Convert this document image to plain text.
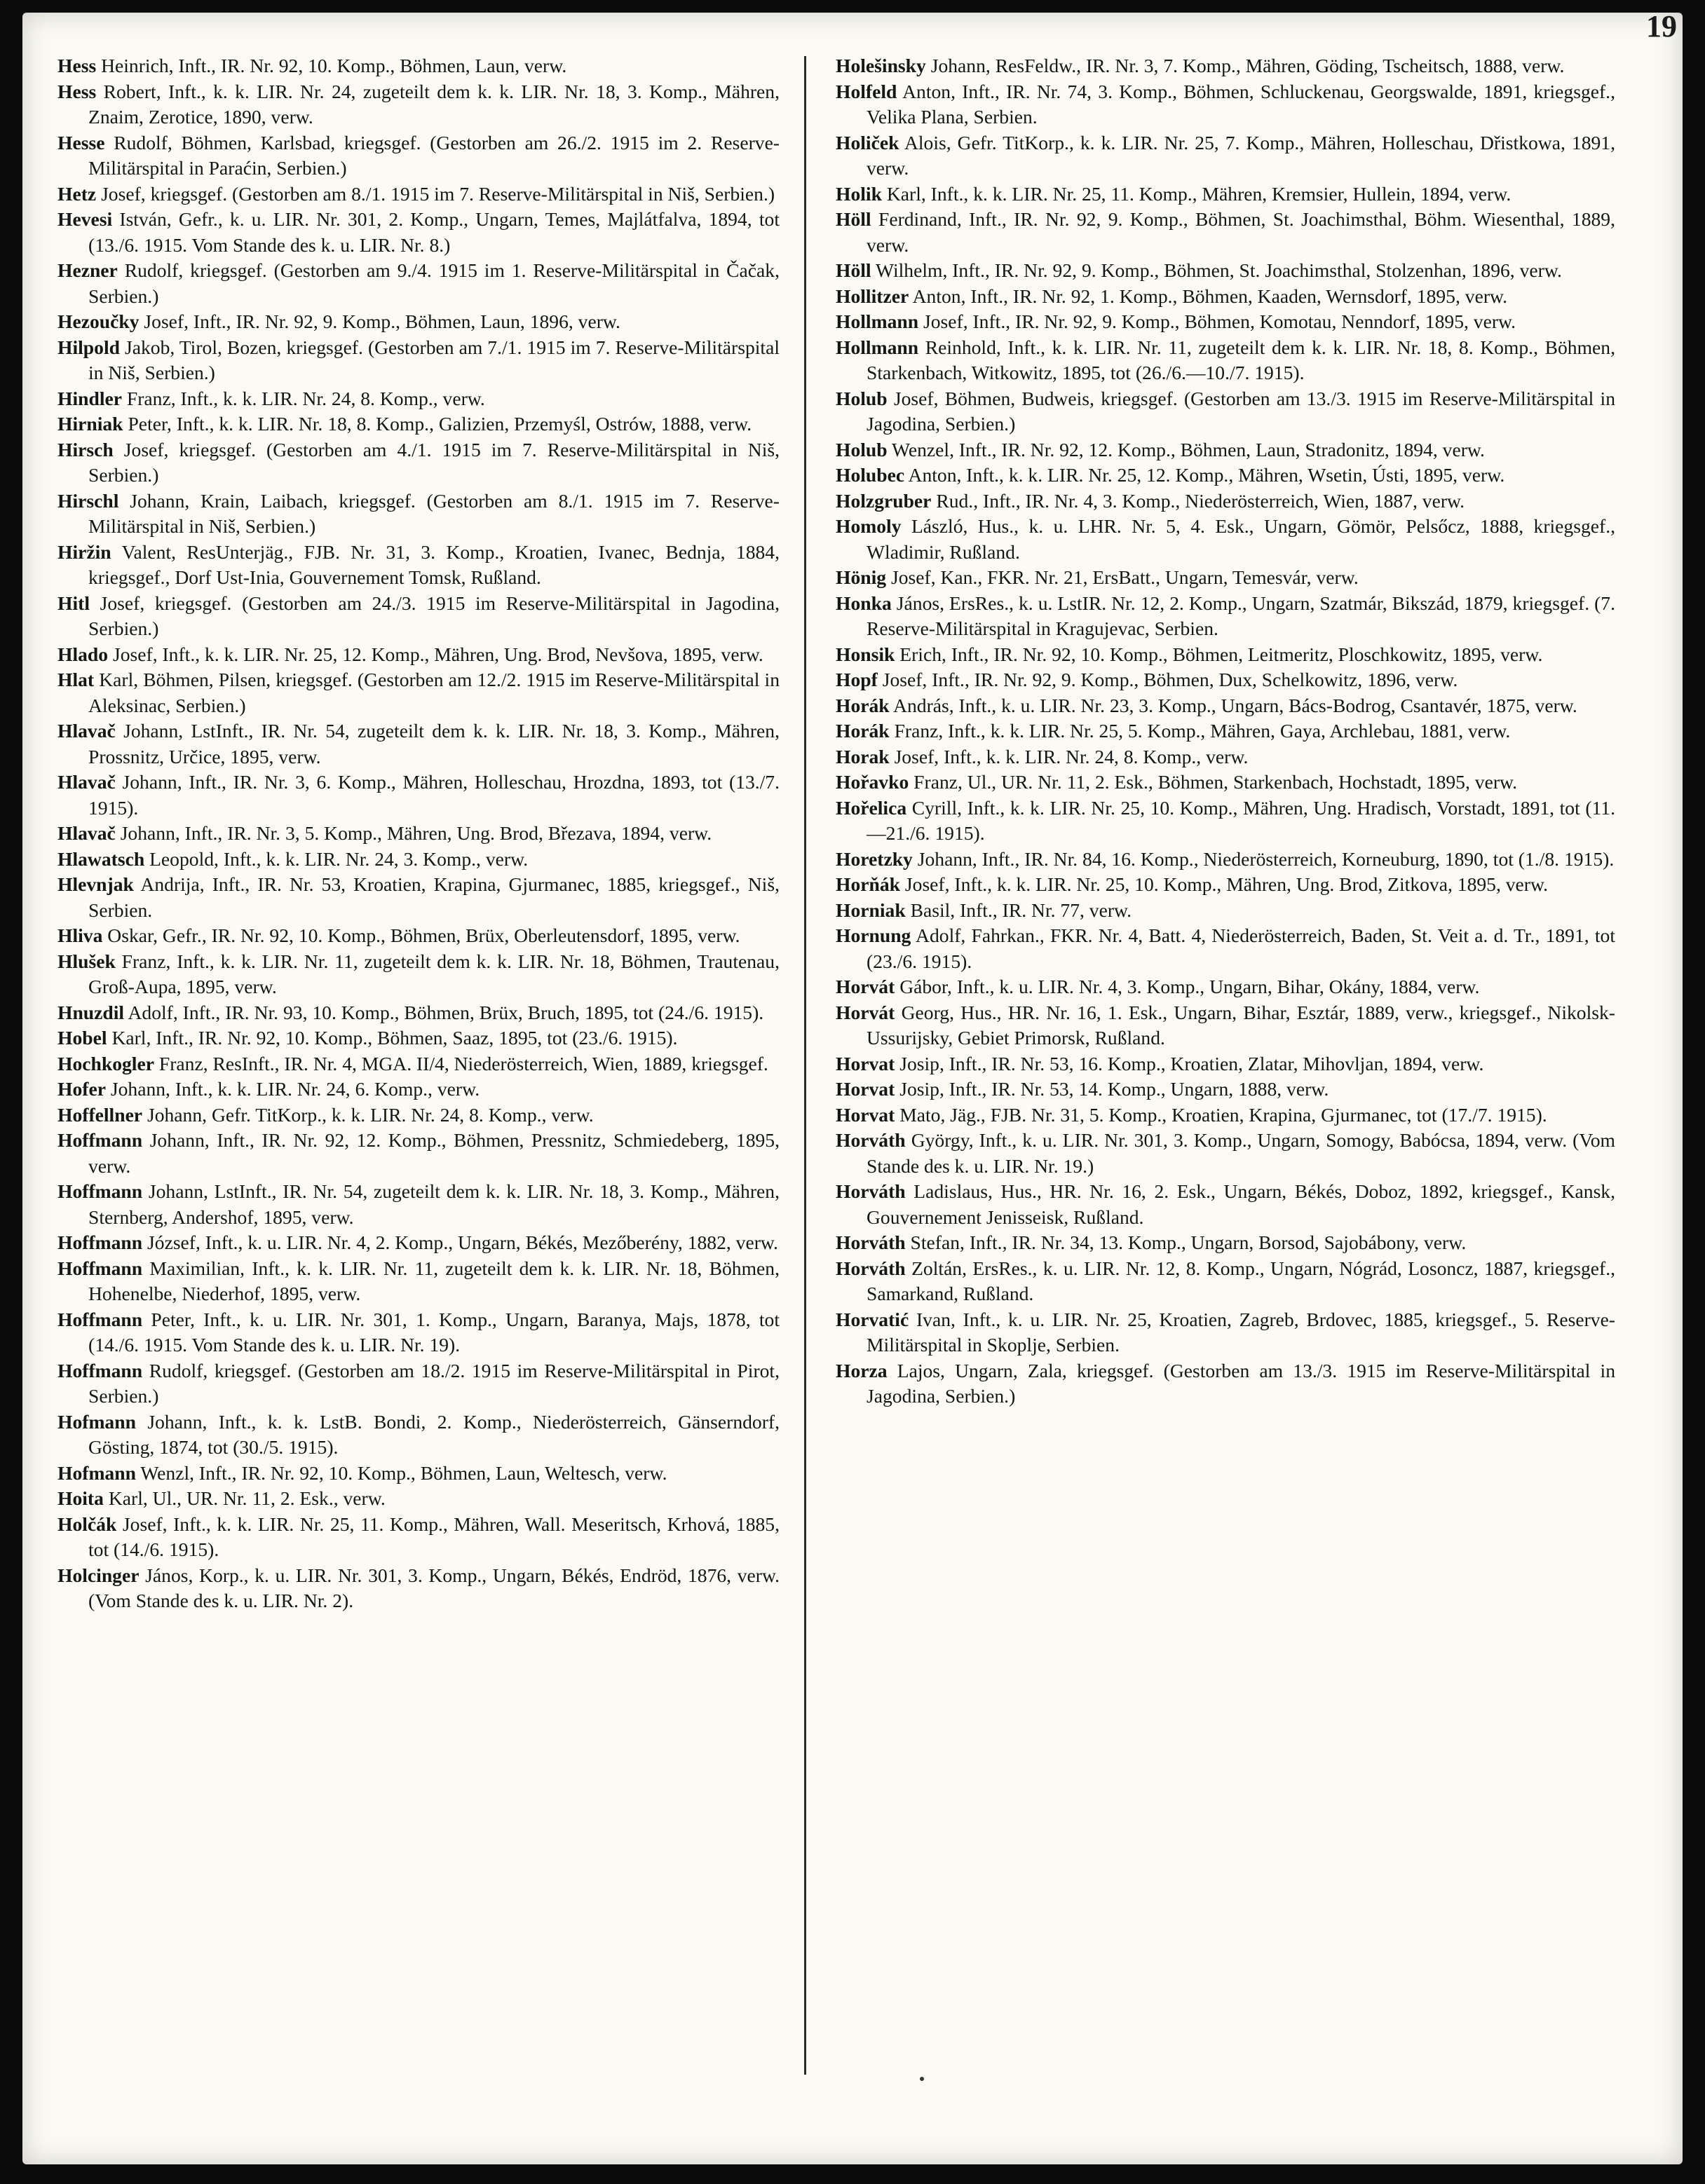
19

Hess Heinrich, Inft., IR. Nr. 92, 10. Komp., Böhmen, Laun, verw.

Hess Robert, Inft., k. k. LIR. Nr. 24, zugeteilt dem k. k. LIR. Nr. 18, 3. Komp., Mähren, Znaim, Zerotice, 1890, verw.

Hesse Rudolf, Böhmen, Karlsbad, kriegsgef. (Gestorben am 26./2. 1915 im 2. Reserve-Militärspital in Paraćin, Serbien.)

Hetz Josef, kriegsgef. (Gestorben am 8./1. 1915 im 7. Reserve-Militärspital in Niš, Serbien.)

Hevesi István, Gefr., k. u. LIR. Nr. 301, 2. Komp., Ungarn, Temes, Majlátfalva, 1894, tot (13./6. 1915. Vom Stande des k. u. LIR. Nr. 8.)

Hezner Rudolf, kriegsgef. (Gestorben am 9./4. 1915 im 1. Reserve-Militärspital in Čačak, Serbien.)

Hezoučky Josef, Inft., IR. Nr. 92, 9. Komp., Böhmen, Laun, 1896, verw.

Hilpold Jakob, Tirol, Bozen, kriegsgef. (Gestorben am 7./1. 1915 im 7. Reserve-Militärspital in Niš, Serbien.)

Hindler Franz, Inft., k. k. LIR. Nr. 24, 8. Komp., verw.

Hirniak Peter, Inft., k. k. LIR. Nr. 18, 8. Komp., Galizien, Przemyśl, Ostrów, 1888, verw.

Hirsch Josef, kriegsgef. (Gestorben am 4./1. 1915 im 7. Reserve-Militärspital in Niš, Serbien.)

Hirschl Johann, Krain, Laibach, kriegsgef. (Gestorben am 8./1. 1915 im 7. Reserve-Militärspital in Niš, Serbien.)

Hiržin Valent, ResUnterjäg., FJB. Nr. 31, 3. Komp., Kroatien, Ivanec, Bednja, 1884, kriegsgef., Dorf Ust-Inia, Gouvernement Tomsk, Rußland.

Hitl Josef, kriegsgef. (Gestorben am 24./3. 1915 im Reserve-Militärspital in Jagodina, Serbien.)

Hlado Josef, Inft., k. k. LIR. Nr. 25, 12. Komp., Mähren, Ung. Brod, Nevšova, 1895, verw.

Hlat Karl, Böhmen, Pilsen, kriegsgef. (Gestorben am 12./2. 1915 im Reserve-Militärspital in Aleksinac, Serbien.)

Hlavač Johann, LstInft., IR. Nr. 54, zugeteilt dem k. k. LIR. Nr. 18, 3. Komp., Mähren, Prossnitz, Určice, 1895, verw.

Hlavač Johann, Inft., IR. Nr. 3, 6. Komp., Mähren, Holleschau, Hrozdna, 1893, tot (13./7. 1915).

Hlavač Johann, Inft., IR. Nr. 3, 5. Komp., Mähren, Ung. Brod, Březava, 1894, verw.

Hlawatsch Leopold, Inft., k. k. LIR. Nr. 24, 3. Komp., verw.

Hlevnjak Andrija, Inft., IR. Nr. 53, Kroatien, Krapina, Gjurmanec, 1885, kriegsgef., Niš, Serbien.

Hliva Oskar, Gefr., IR. Nr. 92, 10. Komp., Böhmen, Brüx, Oberleutensdorf, 1895, verw.

Hlušek Franz, Inft., k. k. LIR. Nr. 11, zugeteilt dem k. k. LIR. Nr. 18, Böhmen, Trautenau, Groß-Aupa, 1895, verw.

Hnuzdil Adolf, Inft., IR. Nr. 93, 10. Komp., Böhmen, Brüx, Bruch, 1895, tot (24./6. 1915).

Hobel Karl, Inft., IR. Nr. 92, 10. Komp., Böhmen, Saaz, 1895, tot (23./6. 1915).

Hochkogler Franz, ResInft., IR. Nr. 4, MGA. II/4, Niederösterreich, Wien, 1889, kriegsgef.

Hofer Johann, Inft., k. k. LIR. Nr. 24, 6. Komp., verw.

Hoffellner Johann, Gefr. TitKorp., k. k. LIR. Nr. 24, 8. Komp., verw.

Hoffmann Johann, Inft., IR. Nr. 92, 12. Komp., Böhmen, Pressnitz, Schmiedeberg, 1895, verw.

Hoffmann Johann, LstInft., IR. Nr. 54, zugeteilt dem k. k. LIR. Nr. 18, 3. Komp., Mähren, Sternberg, Andershof, 1895, verw.

Hoffmann József, Inft., k. u. LIR. Nr. 4, 2. Komp., Ungarn, Békés, Mezőberény, 1882, verw.

Hoffmann Maximilian, Inft., k. k. LIR. Nr. 11, zugeteilt dem k. k. LIR. Nr. 18, Böhmen, Hohenelbe, Niederhof, 1895, verw.

Hoffmann Peter, Inft., k. u. LIR. Nr. 301, 1. Komp., Ungarn, Baranya, Majs, 1878, tot (14./6. 1915. Vom Stande des k. u. LIR. Nr. 19).

Hoffmann Rudolf, kriegsgef. (Gestorben am 18./2. 1915 im Reserve-Militärspital in Pirot, Serbien.)

Hofmann Johann, Inft., k. k. LstB. Bondi, 2. Komp., Niederösterreich, Gänserndorf, Gösting, 1874, tot (30./5. 1915).

Hofmann Wenzl, Inft., IR. Nr. 92, 10. Komp., Böhmen, Laun, Weltesch, verw.

Hoita Karl, Ul., UR. Nr. 11, 2. Esk., verw.

Holčák Josef, Inft., k. k. LIR. Nr. 25, 11. Komp., Mähren, Wall. Meseritsch, Krhová, 1885, tot (14./6. 1915).

Holcinger János, Korp., k. u. LIR. Nr. 301, 3. Komp., Ungarn, Békés, Endröd, 1876, verw. (Vom Stande des k. u. LIR. Nr. 2).

Holešinsky Johann, ResFeldw., IR. Nr. 3, 7. Komp., Mähren, Göding, Tscheitsch, 1888, verw.

Holfeld Anton, Inft., IR. Nr. 74, 3. Komp., Böhmen, Schluckenau, Georgswalde, 1891, kriegsgef., Velika Plana, Serbien.

Holiček Alois, Gefr. TitKorp., k. k. LIR. Nr. 25, 7. Komp., Mähren, Holleschau, Dřistkowa, 1891, verw.

Holik Karl, Inft., k. k. LIR. Nr. 25, 11. Komp., Mähren, Kremsier, Hullein, 1894, verw.

Höll Ferdinand, Inft., IR. Nr. 92, 9. Komp., Böhmen, St. Joachimsthal, Böhm. Wiesenthal, 1889, verw.

Höll Wilhelm, Inft., IR. Nr. 92, 9. Komp., Böhmen, St. Joachimsthal, Stolzenhan, 1896, verw.

Hollitzer Anton, Inft., IR. Nr. 92, 1. Komp., Böhmen, Kaaden, Wernsdorf, 1895, verw.

Hollmann Josef, Inft., IR. Nr. 92, 9. Komp., Böhmen, Komotau, Nenndorf, 1895, verw.

Hollmann Reinhold, Inft., k. k. LIR. Nr. 11, zugeteilt dem k. k. LIR. Nr. 18, 8. Komp., Böhmen, Starkenbach, Witkowitz, 1895, tot (26./6.—10./7. 1915).

Holub Josef, Böhmen, Budweis, kriegsgef. (Gestorben am 13./3. 1915 im Reserve-Militärspital in Jagodina, Serbien.)

Holub Wenzel, Inft., IR. Nr. 92, 12. Komp., Böhmen, Laun, Stradonitz, 1894, verw.

Holubec Anton, Inft., k. k. LIR. Nr. 25, 12. Komp., Mähren, Wsetin, Ústi, 1895, verw.

Holzgruber Rud., Inft., IR. Nr. 4, 3. Komp., Niederösterreich, Wien, 1887, verw.

Homoly László, Hus., k. u. LHR. Nr. 5, 4. Esk., Ungarn, Gömör, Pelsőcz, 1888, kriegsgef., Wladimir, Rußland.

Hönig Josef, Kan., FKR. Nr. 21, ErsBatt., Ungarn, Temesvár, verw.

Honka János, ErsRes., k. u. LstIR. Nr. 12, 2. Komp., Ungarn, Szatmár, Bikszád, 1879, kriegsgef. (7. Reserve-Militärspital in Kragujevac, Serbien.

Honsik Erich, Inft., IR. Nr. 92, 10. Komp., Böhmen, Leitmeritz, Ploschkowitz, 1895, verw.

Hopf Josef, Inft., IR. Nr. 92, 9. Komp., Böhmen, Dux, Schelkowitz, 1896, verw.

Horák András, Inft., k. u. LIR. Nr. 23, 3. Komp., Ungarn, Bács-Bodrog, Csantavér, 1875, verw.

Horák Franz, Inft., k. k. LIR. Nr. 25, 5. Komp., Mähren, Gaya, Archlebau, 1881, verw.

Horak Josef, Inft., k. k. LIR. Nr. 24, 8. Komp., verw.

Hořavko Franz, Ul., UR. Nr. 11, 2. Esk., Böhmen, Starkenbach, Hochstadt, 1895, verw.

Hořelica Cyrill, Inft., k. k. LIR. Nr. 25, 10. Komp., Mähren, Ung. Hradisch, Vorstadt, 1891, tot (11.—21./6. 1915).

Horetzky Johann, Inft., IR. Nr. 84, 16. Komp., Niederösterreich, Korneuburg, 1890, tot (1./8. 1915).

Horňák Josef, Inft., k. k. LIR. Nr. 25, 10. Komp., Mähren, Ung. Brod, Zitkova, 1895, verw.

Horniak Basil, Inft., IR. Nr. 77, verw.

Hornung Adolf, Fahrkan., FKR. Nr. 4, Batt. 4, Niederösterreich, Baden, St. Veit a. d. Tr., 1891, tot (23./6. 1915).

Horvát Gábor, Inft., k. u. LIR. Nr. 4, 3. Komp., Ungarn, Bihar, Okány, 1884, verw.

Horvát Georg, Hus., HR. Nr. 16, 1. Esk., Ungarn, Bihar, Esztár, 1889, verw., kriegsgef., Nikolsk-Ussurijsky, Gebiet Primorsk, Rußland.

Horvat Josip, Inft., IR. Nr. 53, 16. Komp., Kroatien, Zlatar, Mihovljan, 1894, verw.

Horvat Josip, Inft., IR. Nr. 53, 14. Komp., Ungarn, 1888, verw.

Horvat Mato, Jäg., FJB. Nr. 31, 5. Komp., Kroatien, Krapina, Gjurmanec, tot (17./7. 1915).

Horváth György, Inft., k. u. LIR. Nr. 301, 3. Komp., Ungarn, Somogy, Babócsa, 1894, verw. (Vom Stande des k. u. LIR. Nr. 19.)

Horváth Ladislaus, Hus., HR. Nr. 16, 2. Esk., Ungarn, Békés, Doboz, 1892, kriegsgef., Kansk, Gouvernement Jenisseisk, Rußland.

Horváth Stefan, Inft., IR. Nr. 34, 13. Komp., Ungarn, Borsod, Sajobábony, verw.

Horváth Zoltán, ErsRes., k. u. LIR. Nr. 12, 8. Komp., Ungarn, Nógrád, Losoncz, 1887, kriegsgef., Samarkand, Rußland.

Horvatić Ivan, Inft., k. u. LIR. Nr. 25, Kroatien, Zagreb, Brdovec, 1885, kriegsgef., 5. Reserve-Militärspital in Skoplje, Serbien.

Horza Lajos, Ungarn, Zala, kriegsgef. (Gestorben am 13./3. 1915 im Reserve-Militärspital in Jagodina, Serbien.)
